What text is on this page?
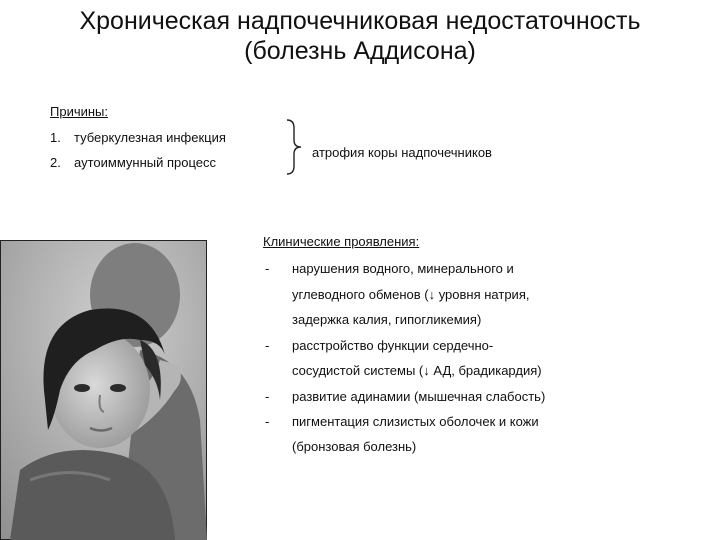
Хроническая надпочечниковая недостаточность
(болезнь Аддисона)
Причины:
1. туберкулезная инфекция
2. аутоиммунный процесс
атрофия коры надпочечников
Клинические проявления:
-
-
-
-
нарушения водного, минерального и
углеводного обменов (↓ уровня натрия,
задержка калия, гипогликемия)
расстройство функции сердечно-
сосудистой системы (↓ АД, брадикардия)
развитие адинамии (мышечная слабость)
пигментация слизистых оболочек и кожи
(бронзовая болезнь)
